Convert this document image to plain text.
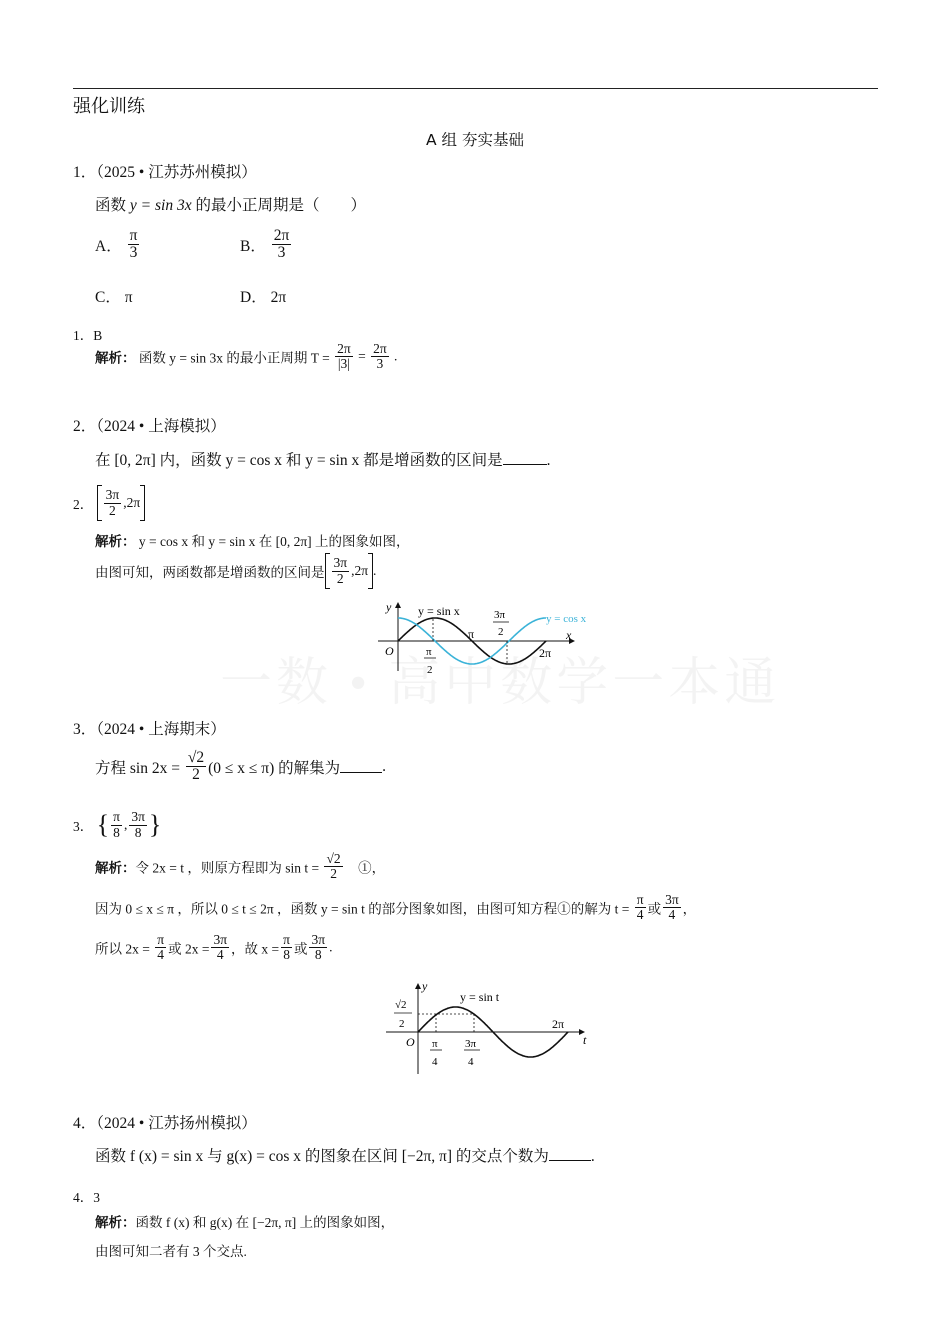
强化训练
A 组 夯实基础
1．（2025 • 江苏苏州模拟）
函数 y = sin 3x 的最小正周期是（　　）
A． $\frac{\pi}{3}$	B． $\frac{2\pi}{3}$
C． π	D． 2π
1．B
解析： 函数 y = sin 3x 的最小正周期 $T = \frac{2\pi}{|3|} = \frac{2\pi}{3}$ .
2．（2024 • 上海模拟）
在 [0, 2π] 内，函数 y = cos x 和 y = sin x 都是增函数的区间是	.
2． $\frac{3\pi}{2} ,2\pi$
解析： y = cos x 和 y = sin x 在 [0, 2π] 上的图象如图，
由图可知，两函数都是增函数的区间是 $\frac{3\pi}{2} ,2\pi$ .
y
x
O
y = sin x
y = cos x
π
2π
π
2
3π
2
3．（2024 • 上海期末）
方程 $\sin 2x = \frac{√2}{2} (0 \le x \le \pi)$ 的解集为	.
3． { $\frac{\pi}{8}$ , $\frac{3\pi}{8}$ }
解析：令 2x = t ，则原方程即为 $\sin t = \frac{√2}{2}$ 　①，
因为 0 ≤ x ≤ π ，所以 0 ≤ t ≤ 2π ，函数 y = sin t 的部分图象如图，由图可知方程①的解为 $t = \frac{\pi}{4}$ 或 $\frac{3\pi}{4}$ ，
所以 $2x = \frac{\pi}{4}$ 或 $2x = \frac{3\pi}{4}$ ，故 $x = \frac{\pi}{8}$ 或 $\frac{3\pi}{8}$ .
y
t
O
y = sin t
2π
√2
2
π
4
3π
4
4．（2024 • 江苏扬州模拟）
函数 f (x) = sin x 与 g(x) = cos x 的图象在区间 [−2π, π] 的交点个数为	.
4．3
解析：函数 f (x) 和 g(x) 在 [−2π, π] 上的图象如图，
由图可知二者有 3 个交点.
